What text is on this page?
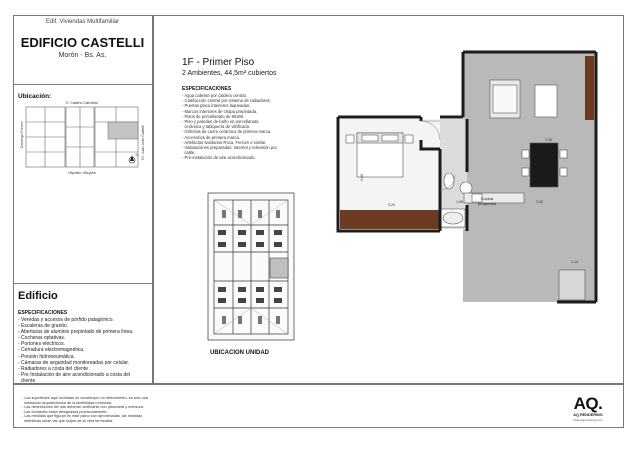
Edif. Viviendas Multifamiliar
EDIFICIO CASTELLI
Morón - Bs. As.
Ubicación:
V. Castro Cambón
Hipólito Vieytes
Domingo French	Gr. Juan José Castelli
N
Edificio
ESPECIFICACIONES
- Veredas y accesos de pórfido patagónico.
- Escaleras de granito.
- Aberturas de aluminio prepintado de primera línea.
- Cocheras optativas.
- Portones eléctricos.
- Cerradura electromagnética.
- Presión hidroneumática.
- Cámaras de seguridad monitoreadas por celular.
- Radiadores a costa del cliente
- Pre Instalación de aire acondicionado a costa del
cliente
1F - Primer Piso
2 Ambientes, 44,5m² cubiertos
ESPECIFICACIONES
- Agua caliente por caldera central.
- Calefacción central por sistema de radiadores.
- Puertas placa interiores laqueadas.
- Marcos interiores de chapa prepintada.
- Pisos de porcellanato de 60x60.
- Piso y paredes de baño en porcellanato,
cerámica y tabiquería de vitrificado.
- Griferías de cierre cerámico de primera marca.
- Accesorios de primera marca.
- Artefactos sanitarios Roca, Ferrum o similar.
- Instalaciones preparadas: Internet y televisión por
cable.
- Pre-instalación de aire acondicionado.
UBICACION UNIDAD
3.60
3.20
1.55	3.05
3.35
1.14
Cocina
propuesta
- Las superficies aquí incluidas no constituyen un ofrecimiento, es sólo una
ilustración arquitectónica de la factibilidad ruminosa.
- Las dimensiones del lote deberán verificarse con plancheta y mensura.
- Las Unidades están designadas provisoriamente.
- Las medidas que figuran en este plano son aproximadas, las medidas
definitivas serán las que surjan de la obra terminada.
AQ.
AQ RENDERING
www.aqrendering.com
